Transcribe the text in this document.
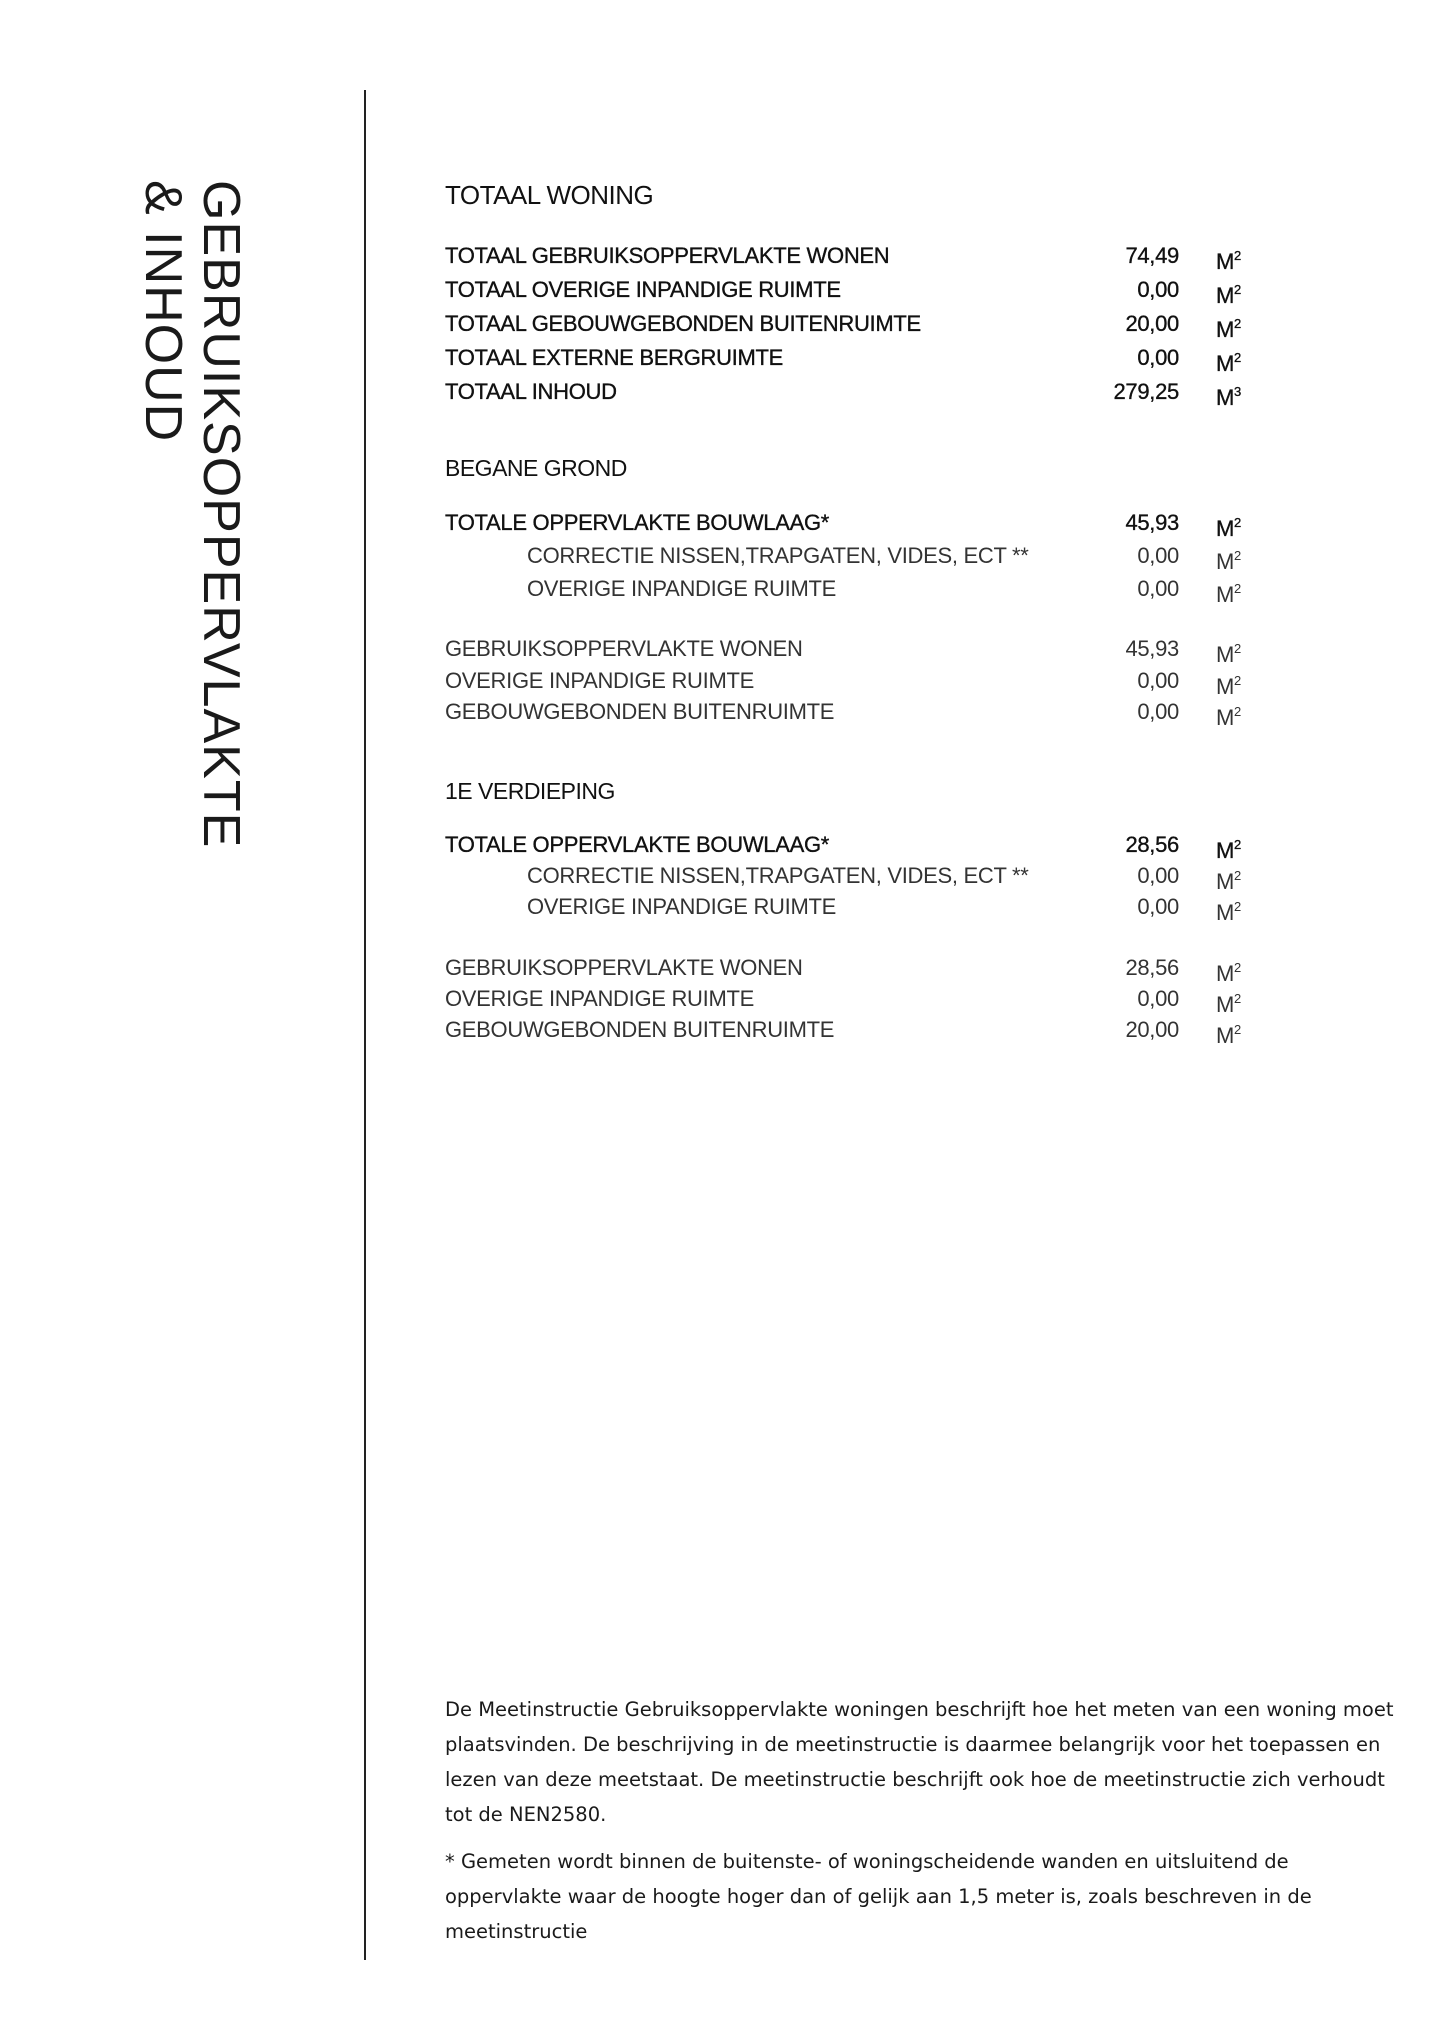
GEBRUIKSOPPERVLAKTE
& INHOUD	TOTAAL WONING
TOTAAL GEBRUIKSOPPERVLAKTE WONEN	74,49 $M^2$
TOTAAL OVERIGE INPANDIGE RUIMTE	0,00 $M^2$
TOTAAL GEBOUWGEBONDEN BUITENRUIMTE	20,00 $M^2$
TOTAAL EXTERNE BERGRUIMTE	0,00 $M^2$
TOTAAL INHOUD	279,25 $M^3$
BEGANE GROND
TOTALE OPPERVLAKTE BOUWLAAG*	45,93 $M^2$
CORRECTIE NISSEN,TRAPGATEN, VIDES, ECT **	0,00 $M^2$
OVERIGE INPANDIGE RUIMTE	0,00 $M^2$
GEBRUIKSOPPERVLAKTE WONEN	45,93 $M^2$
OVERIGE INPANDIGE RUIMTE	0,00 $M^2$
GEBOUWGEBONDEN BUITENRUIMTE	0,00 $M^2$
1E VERDIEPING
TOTALE OPPERVLAKTE BOUWLAAG*	28,56 $M^2$
CORRECTIE NISSEN,TRAPGATEN, VIDES, ECT **	0,00 $M^2$
OVERIGE INPANDIGE RUIMTE	0,00 $M^2$
GEBRUIKSOPPERVLAKTE WONEN	28,56 $M^2$
OVERIGE INPANDIGE RUIMTE	0,00 $M^2$
GEBOUWGEBONDEN BUITENRUIMTE	20,00 $M^2$

De Meetinstructie Gebruiksoppervlakte woningen beschrijft hoe het meten van een woning moet plaatsvinden. De beschrijving in de meetinstructie is daarmee belangrijk voor het toepassen en lezen van deze meetstaat. De meetinstructie beschrijft ook hoe de meetinstructie zich verhoudt tot de NEN2580.

* Gemeten wordt binnen de buitenste- of woningscheidende wanden en uitsluitend de oppervlakte waar de hoogte hoger dan of gelijk aan 1,5 meter is, zoals beschreven in de meetinstructie
